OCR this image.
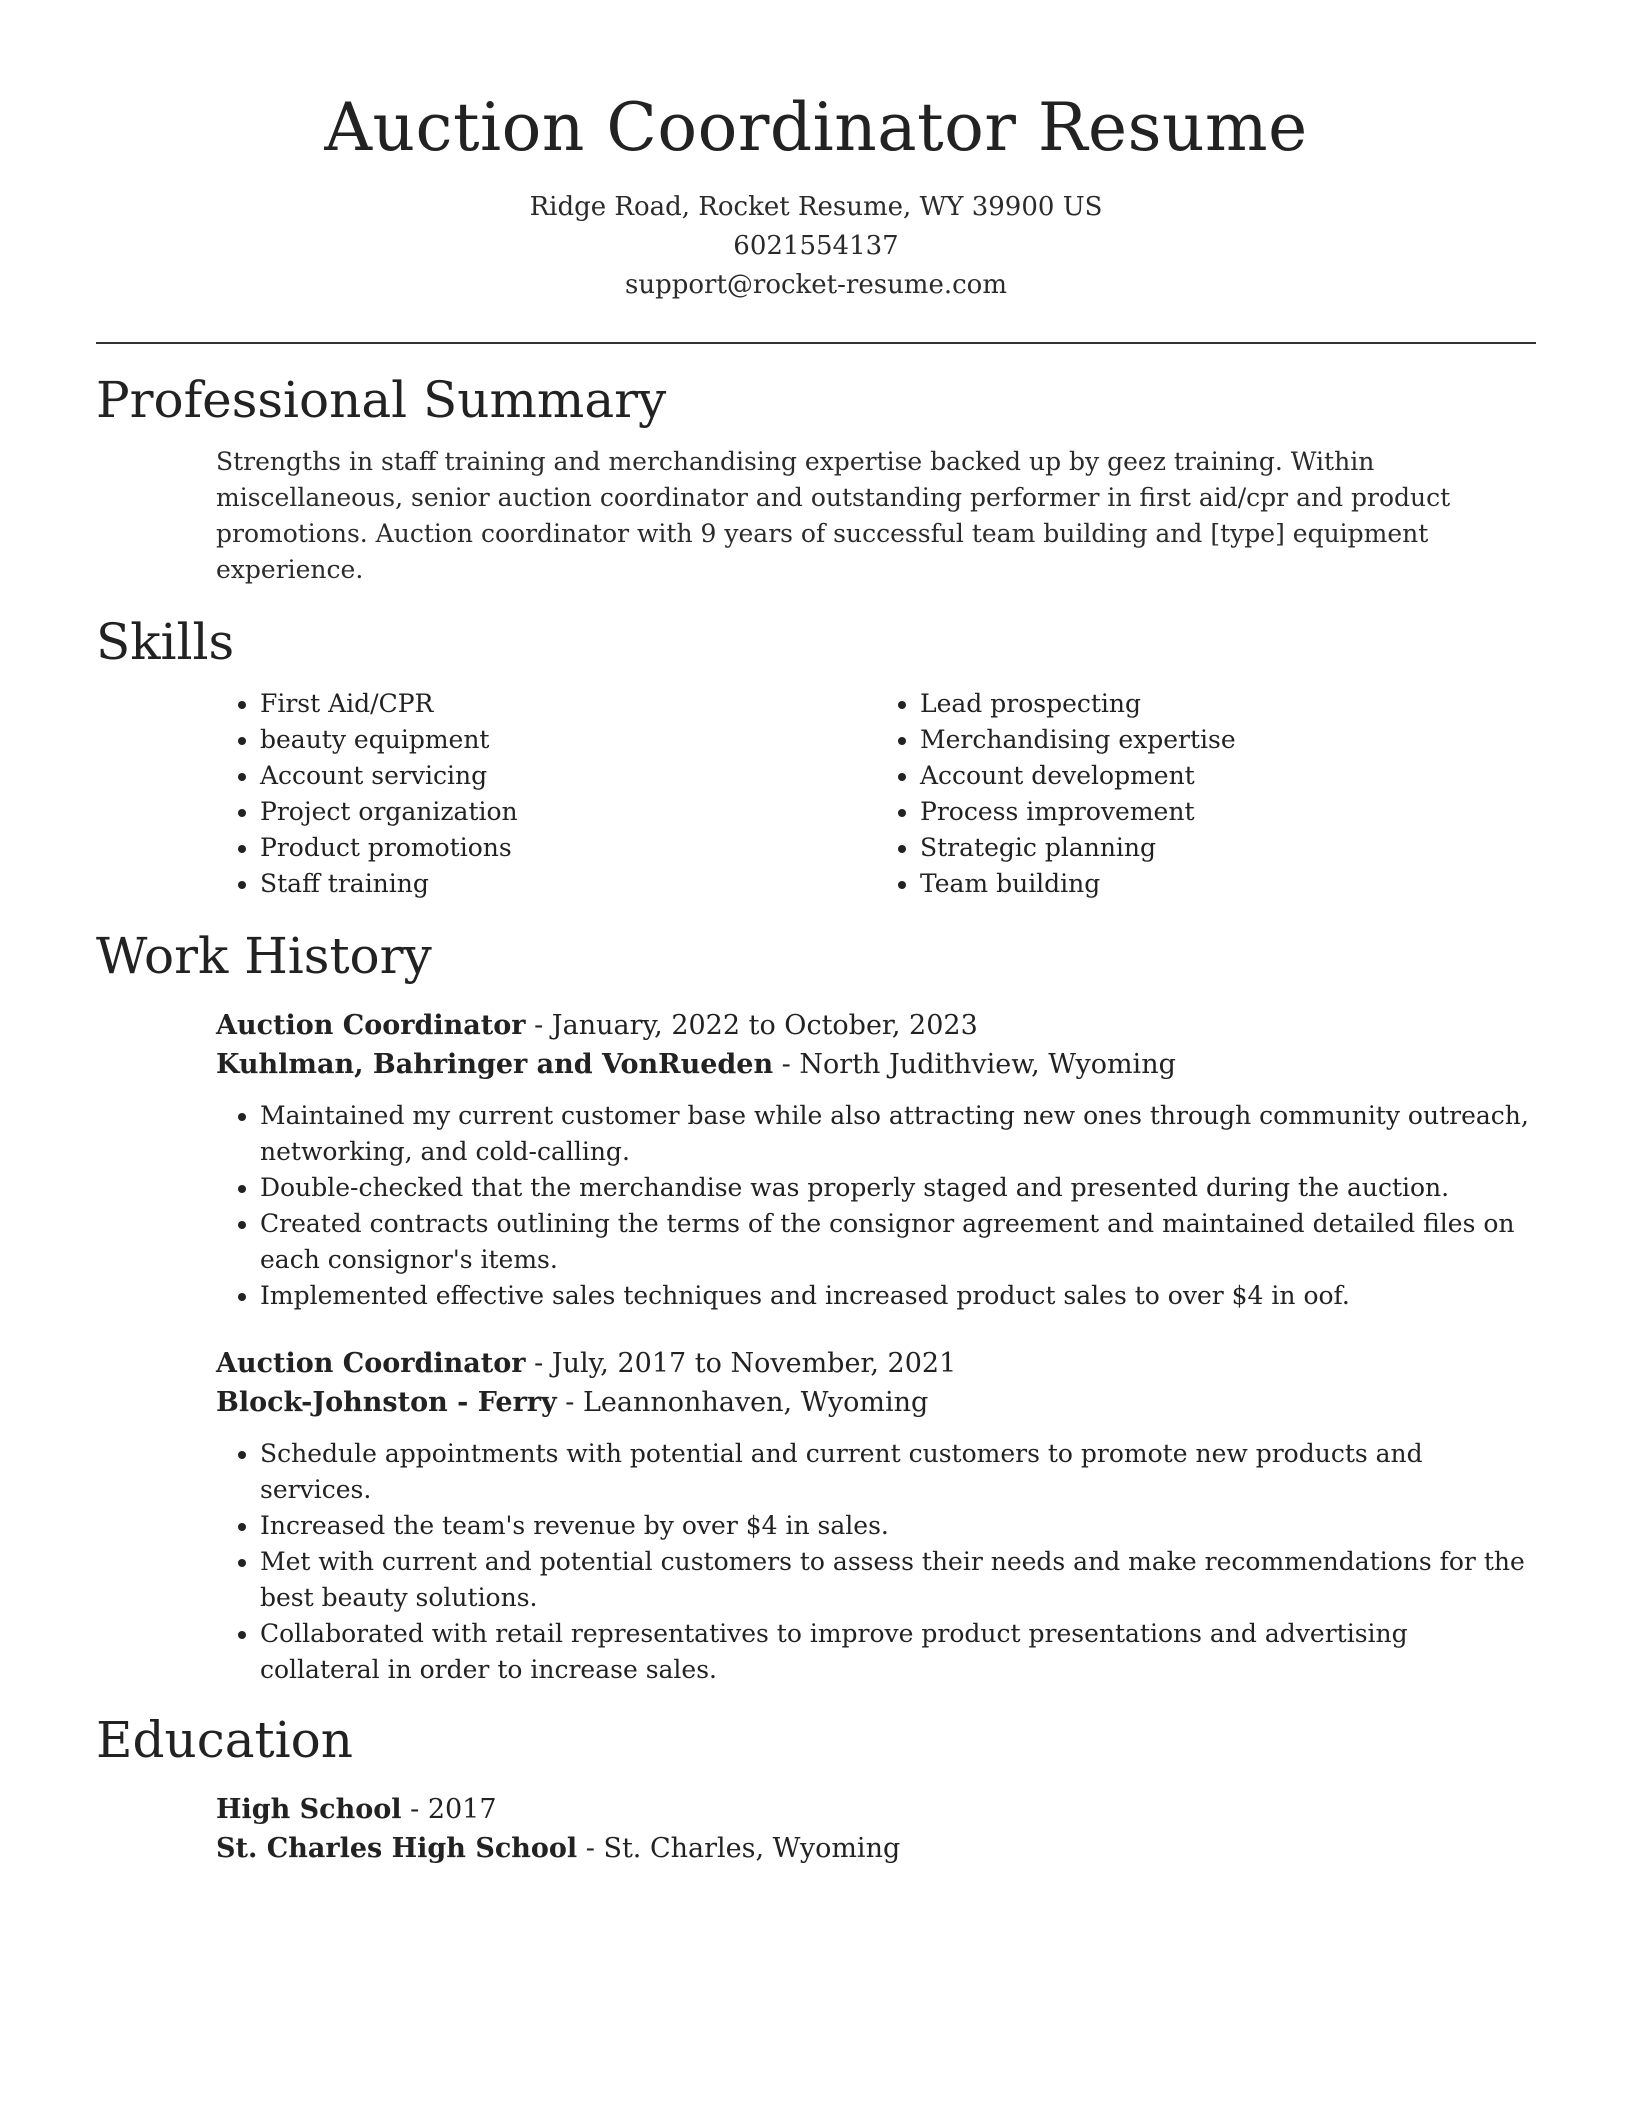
Auction Coordinator Resume
Ridge Road, Rocket Resume, WY 39900 US
6021554137
support@rocket-resume.com
Professional Summary

Strengths in staff training and merchandising expertise backed up by geez training. Within miscellaneous, senior auction coordinator and outstanding performer in first aid/cpr and product promotions. Auction coordinator with 9 years of successful team building and [type] equipment experience.

Skills
• First Aid/CPR
• beauty equipment
• Account servicing
• Project organization
• Product promotions
• Staff training
• Lead prospecting
• Merchandising expertise
• Account development
• Process improvement
• Strategic planning
• Team building
Work History
Auction Coordinator - January, 2022 to October, 2023
Kuhlman, Bahringer and VonRueden - North Judithview, Wyoming
• Maintained my current customer base while also attracting new ones through community outreach, networking, and cold-calling.
• Double-checked that the merchandise was properly staged and presented during the auction.
• Created contracts outlining the terms of the consignor agreement and maintained detailed files on each consignor's items.
• Implemented effective sales techniques and increased product sales to over $4 in oof.
Auction Coordinator - July, 2017 to November, 2021
Block-Johnston - Ferry - Leannonhaven, Wyoming
• Schedule appointments with potential and current customers to promote new products and services.
• Increased the team's revenue by over $4 in sales.
• Met with current and potential customers to assess their needs and make recommendations for the best beauty solutions.
• Collaborated with retail representatives to improve product presentations and advertising collateral in order to increase sales.
Education
High School - 2017
St. Charles High School - St. Charles, Wyoming
